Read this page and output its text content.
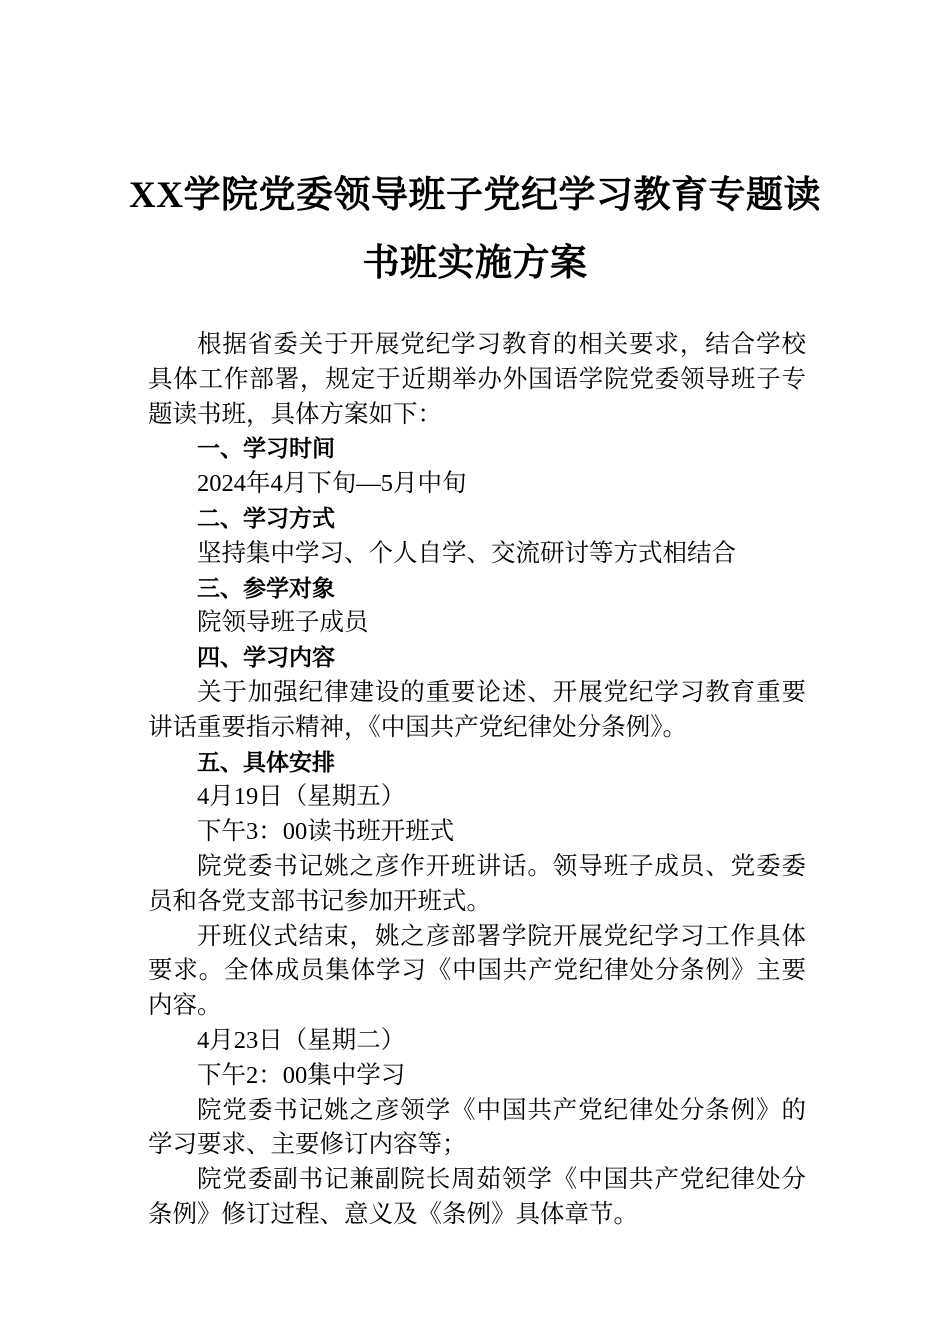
XX学院党委领导班子党纪学习教育专题读
书班实施方案

根据省委关于开展党纪学习教育的相关要求，结合学校具体工作部署，规定于近期举办外国语学院党委领导班子专题读书班，具体方案如下：

一、学习时间

2024年4月下旬—5月中旬

二、学习方式

坚持集中学习、个人自学、交流研讨等方式相结合

三、参学对象

院领导班子成员

四、学习内容

关于加强纪律建设的重要论述、开展党纪学习教育重要讲话重要指示精神，《中国共产党纪律处分条例》。

五、具体安排

4月19日（星期五）

下午3：00读书班开班式

院党委书记姚之彦作开班讲话。领导班子成员、党委委员和各党支部书记参加开班式。

开班仪式结束，姚之彦部署学院开展党纪学习工作具体要求。全体成员集体学习《中国共产党纪律处分条例》主要内容。

4月23日（星期二）

下午2：00集中学习

院党委书记姚之彦领学《中国共产党纪律处分条例》的学习要求、主要修订内容等；

院党委副书记兼副院长周茹领学《中国共产党纪律处分条例》修订过程、意义及《条例》具体章节。
